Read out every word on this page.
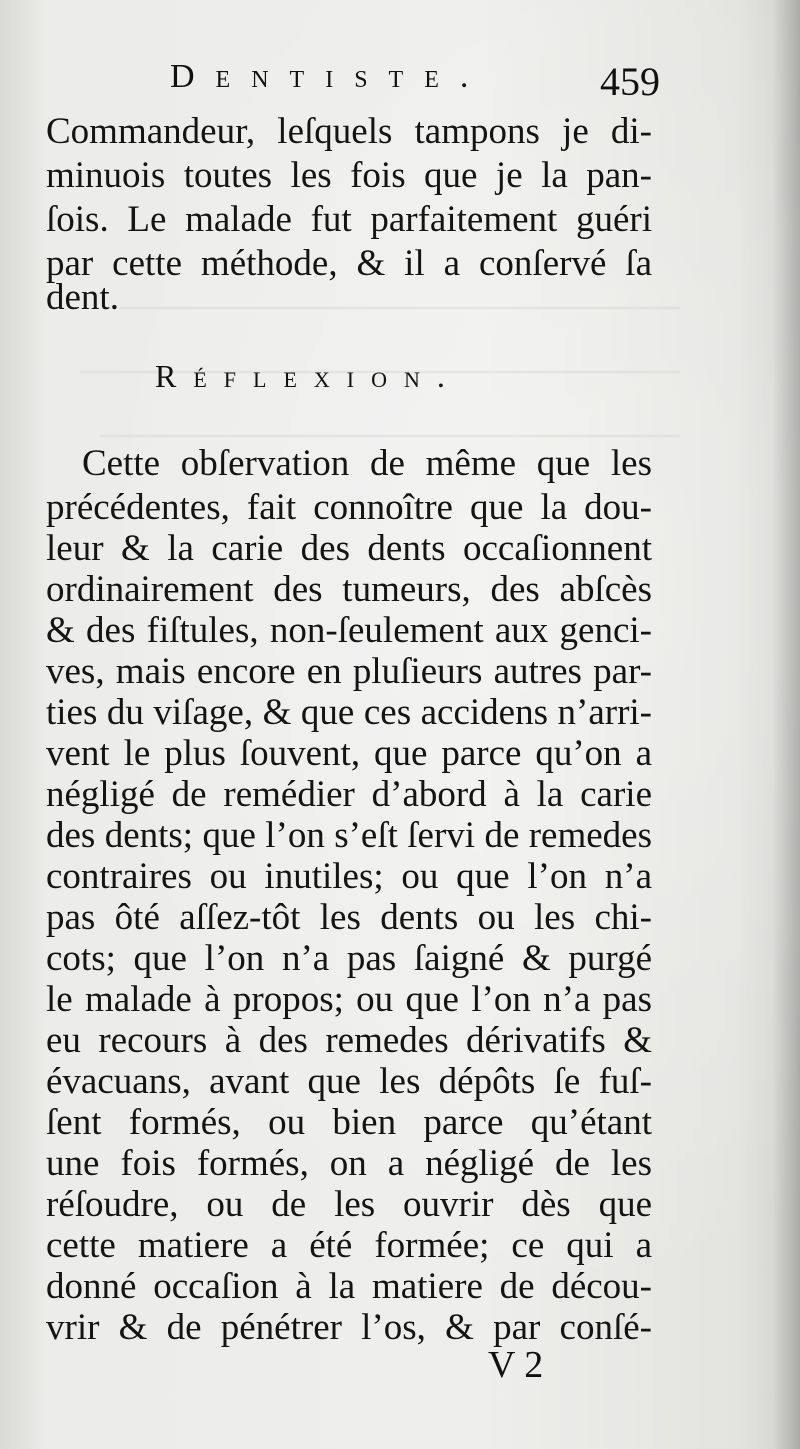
Dentiste.	459
Commandeur, leſquels tampons je di-
minuois toutes les fois que je la pan-
ſois. Le malade fut parfaitement guéri
par cette méthode, & il a conſervé ſa
dent.
Réflexion.
Cette obſervation de même que les
précédentes, fait connoître que la dou-
leur & la carie des dents occaſionnent
ordinairement des tumeurs, des abſcès
& des fiſtules, non-ſeulement aux genci-
ves, mais encore en pluſieurs autres par-
ties du viſage, & que ces accidens n’arri-
vent le plus ſouvent, que parce qu’on a
négligé de remédier d’abord à la carie
des dents; que l’on s’eſt ſervi de remedes
contraires ou inutiles; ou que l’on n’a
pas ôté aſſez-tôt les dents ou les chi-
cots; que l’on n’a pas ſaigné & purgé
le malade à propos; ou que l’on n’a pas
eu recours à des remedes dérivatifs &
évacuans, avant que les dépôts ſe fuſ-
ſent formés, ou bien parce qu’étant
une fois formés, on a négligé de les
réſoudre, ou de les ouvrir dès que
cette matiere a été formée; ce qui a
donné occaſion à la matiere de décou-
vrir & de pénétrer l’os, & par conſé-
V 2
